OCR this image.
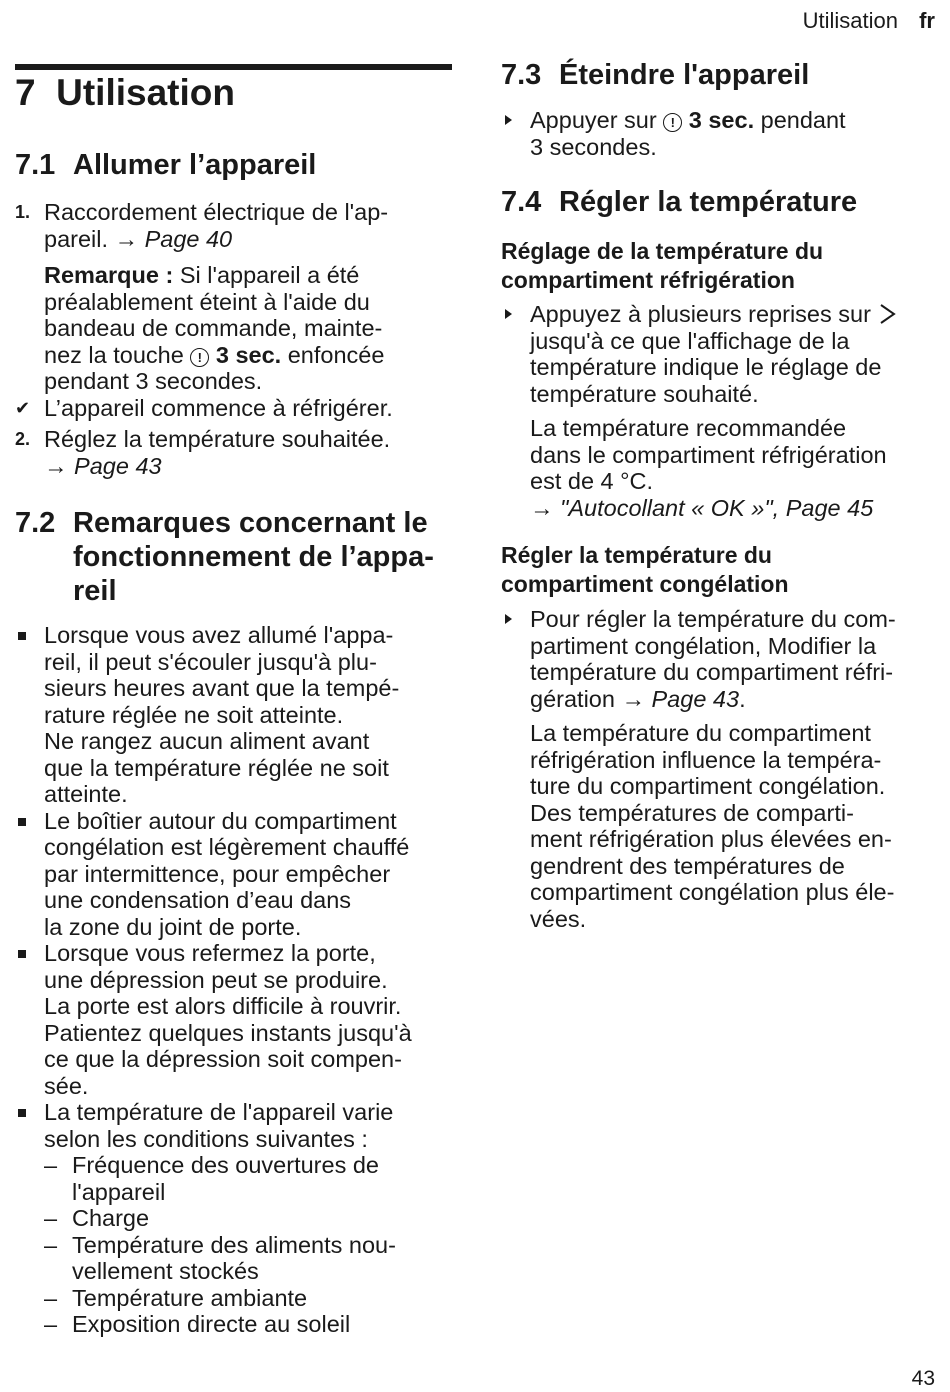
Utilisation fr
7 Utilisation
7.1 Allumer l’appareil
1. Raccordement électrique de l'ap-
pareil. → Page 40
Remarque : Si l'appareil a été
préalablement éteint à l'aide du
bandeau de commande, mainte-
nez la touche ! 3 sec. enfoncée
pendant 3 secondes.
✔ L’appareil commence à réfrigérer.
2. Réglez la température souhaitée.
→ Page 43
7.2 Remarques concernant le
fonctionnement de l’appa-
reil
Lorsque vous avez allumé l'appa-
reil, il peut s'écouler jusqu'à plu-
sieurs heures avant que la tempé-
rature réglée ne soit atteinte.
Ne rangez aucun aliment avant
que la température réglée ne soit
atteinte.
Le boîtier autour du compartiment
congélation est légèrement chauffé
par intermittence, pour empêcher
une condensation d’eau dans
la zone du joint de porte.
Lorsque vous refermez la porte,
une dépression peut se produire.
La porte est alors difficile à rouvrir.
Patientez quelques instants jusqu'à
ce que la dépression soit compen-
sée.
La température de l'appareil varie
selon les conditions suivantes :
– Fréquence des ouvertures de
l'appareil
– Charge
– Température des aliments nou-
vellement stockés
– Température ambiante
– Exposition directe au soleil
7.3 Éteindre l'appareil
Appuyer sur ! 3 sec. pendant
3 secondes.
7.4 Régler la température
Réglage de la température du
compartiment réfrigération
Appuyez à plusieurs reprises sur
jusqu'à ce que l'affichage de la
température indique le réglage de
température souhaité.
La température recommandée
dans le compartiment réfrigération
est de 4 °C.
→ "Autocollant « OK »", Page 45
Régler la température du
compartiment congélation
Pour régler la température du com-
partiment congélation, Modifier la
température du compartiment réfri-
gération → Page 43.
La température du compartiment
réfrigération influence la tempéra-
ture du compartiment congélation.
Des températures de comparti-
ment réfrigération plus élevées en-
gendrent des températures de
compartiment congélation plus éle-
vées.
43
